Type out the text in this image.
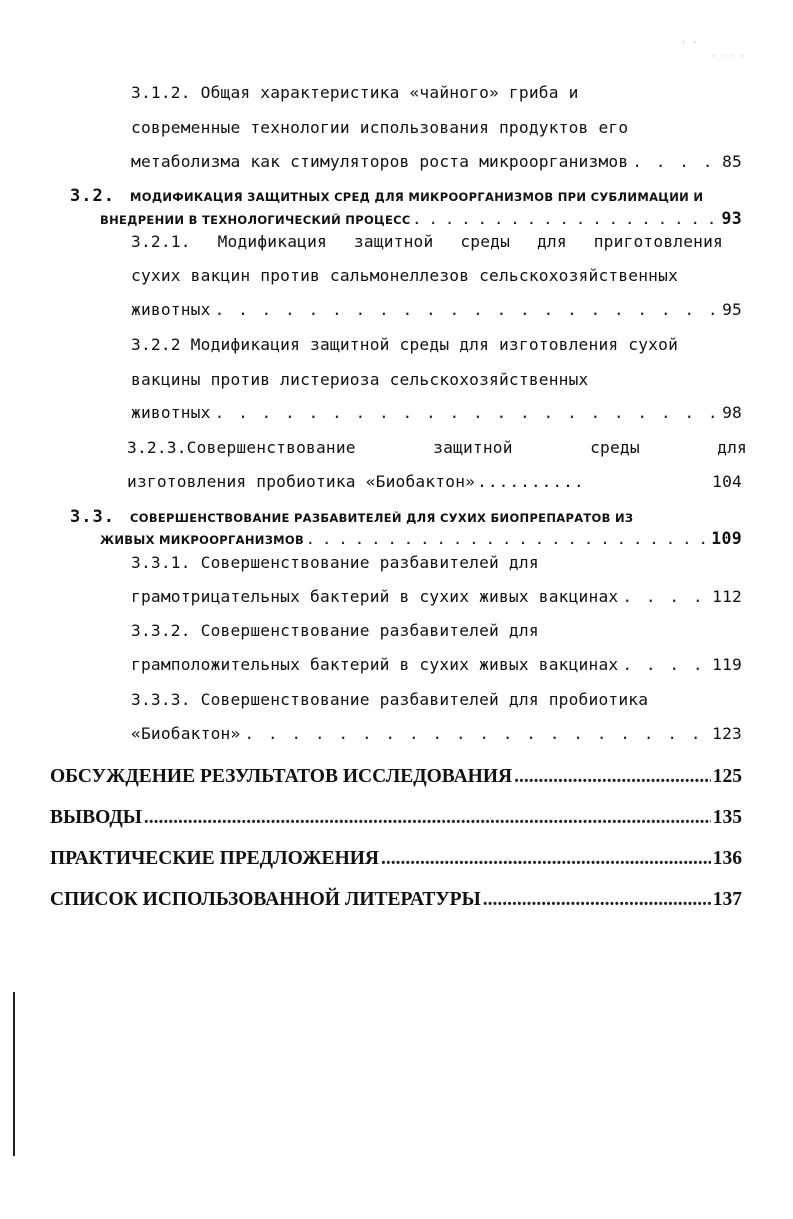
· ·
· ·· ·
3.1.2. Общая характеристика «чайного» гриба и
современные технологии использования продуктов его
метаболизма как стимуляторов роста микроорганизмов . . .	85
3.2. МОДИФИКАЦИЯ ЗАЩИТНЫХ СРЕД ДЛЯ МИКРООРГАНИЗМОВ ПРИ СУБЛИМАЦИИ И
ВНЕДРЕНИИ В ТЕХНОЛОГИЧЕСКИЙ ПРОЦЕСС . . .	93
3.2.1. Модификация защитной среды для приготовления
сухих вакцин против сальмонеллезов сельскохозяйственных
животных . . .	95
3.2.2 Модификация защитной среды для изготовления сухой
вакцины против листериоза сельскохозяйственных
животных . . .	98
3.2.3.Совершенствование	защитной	среды	для
изготовления пробиотика «Биобактон» ..........	104
3.3. СОВЕРШЕНСТВОВАНИЕ РАЗБАВИТЕЛЕЙ ДЛЯ СУХИХ БИОПРЕПАРАТОВ ИЗ
ЖИВЫХ МИКРООРГАНИЗМОВ . . .	109
3.3.1. Совершенствование разбавителей для
грамотрицательных бактерий в сухих живых вакцинах . . .	112
3.3.2. Совершенствование разбавителей для
грамположительных бактерий в сухих живых вакцинах . . .	119
3.3.3. Совершенствование разбавителей для пробиотика
«Биобактон» . . .	123
ОБСУЖДЕНИЕ РЕЗУЛЬТАТОВ ИССЛЕДОВАНИЯ .....	125
ВЫВОДЫ .....	135
ПРАКТИЧЕСКИЕ ПРЕДЛОЖЕНИЯ .....	136
СПИСОК ИСПОЛЬЗОВАННОЙ ЛИТЕРАТУРЫ .....	137
